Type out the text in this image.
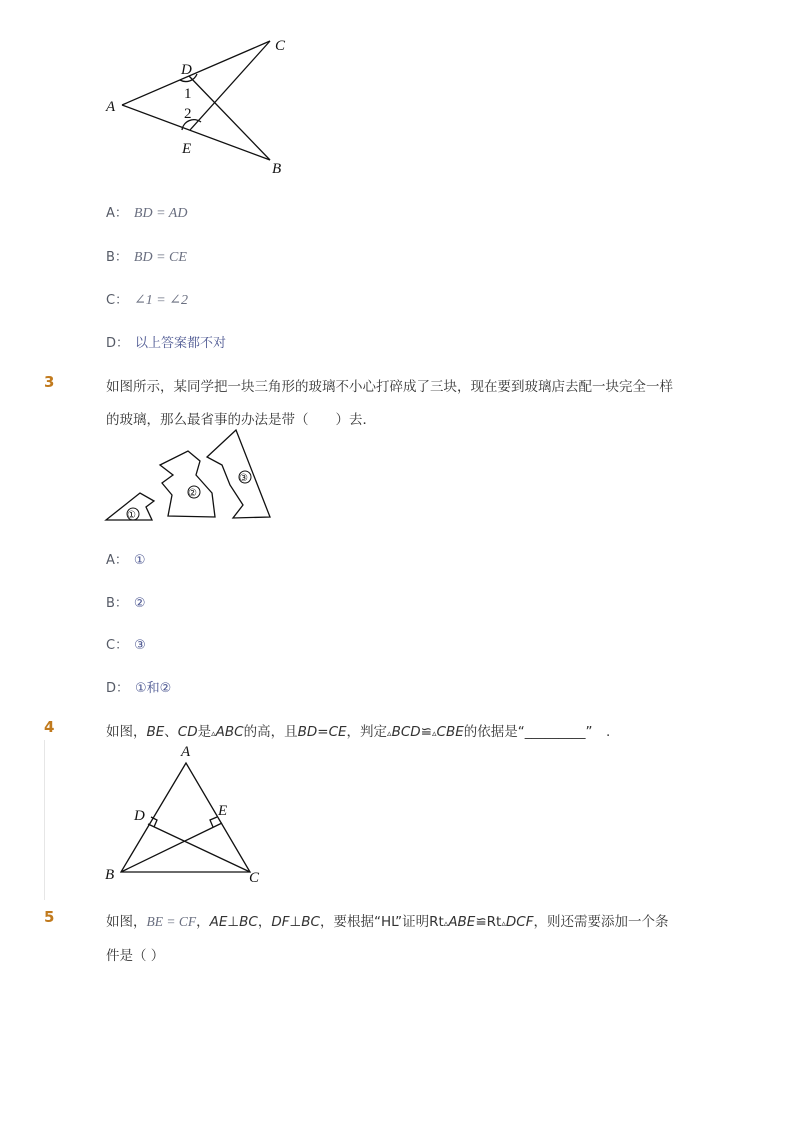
A
D
C
E
B
1
2
A： BD = AD
B： BD = CE
C： ∠1 = ∠2
D： 以上答案都不对
3	如图所示，某同学把一块三角形的玻璃不小心打碎成了三块，现在要到玻璃店去配一块完全一样
的玻璃，那么最省事的办法是带（　　）去．
①
②
③
A： ①
B： ②
C： ③
D： ①和②
4	如图，BE、CD是▵ABC的高，且BD=CE，判定▵BCD≌▵CBE的依据是“_________”　.
A
D	E
B	C
5	如图，BE = CF，AE⊥BC，DF⊥BC，要根据“HL”证明Rt▵ABE≌Rt▵DCF，则还需要添加一个条
件是（ ）
